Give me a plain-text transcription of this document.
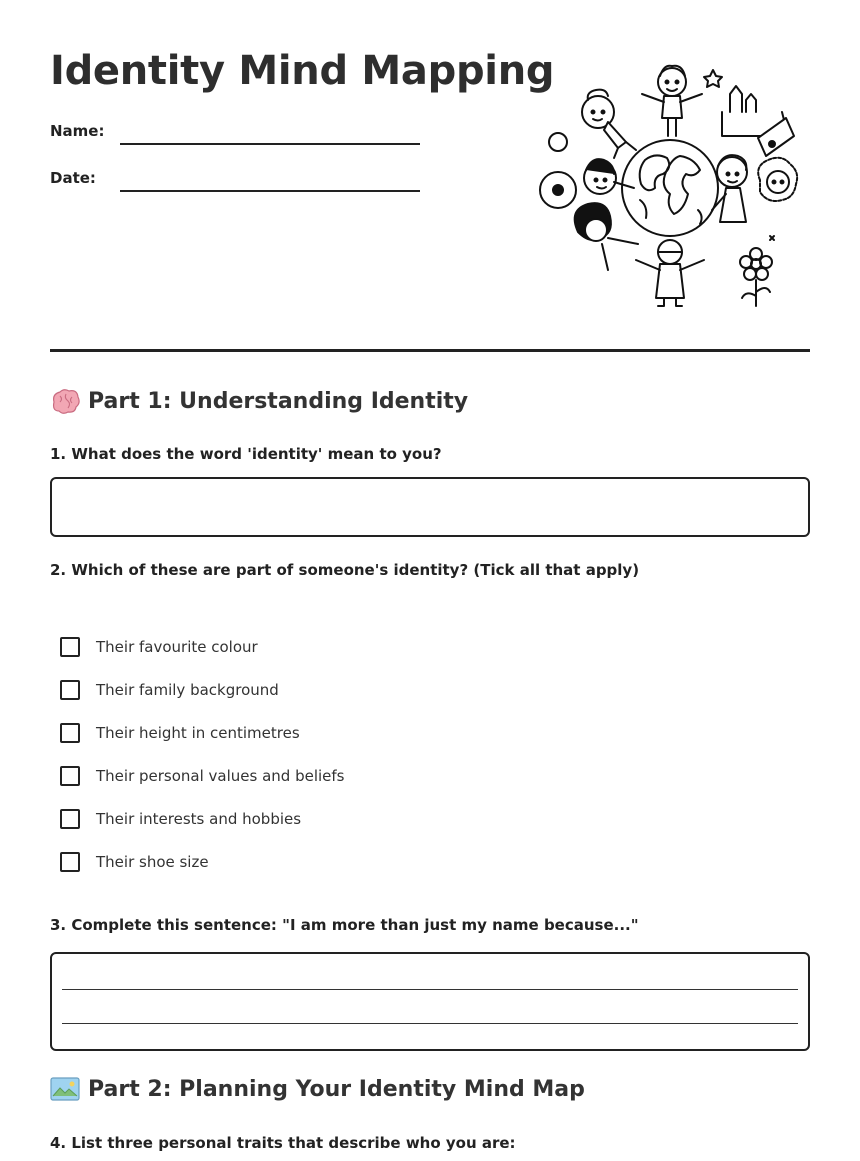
Identity Mind Mapping
Name:
Date:
Part 1: Understanding Identity

1. What does the word 'identity' mean to you?

2. Which of these are part of someone's identity? (Tick all that apply)

Their favourite colour
Their family background
Their height in centimetres
Their personal values and beliefs
Their interests and hobbies
Their shoe size

3. Complete this sentence: "I am more than just my name because..."

Part 2: Planning Your Identity Mind Map

4. List three personal traits that describe who you are:
